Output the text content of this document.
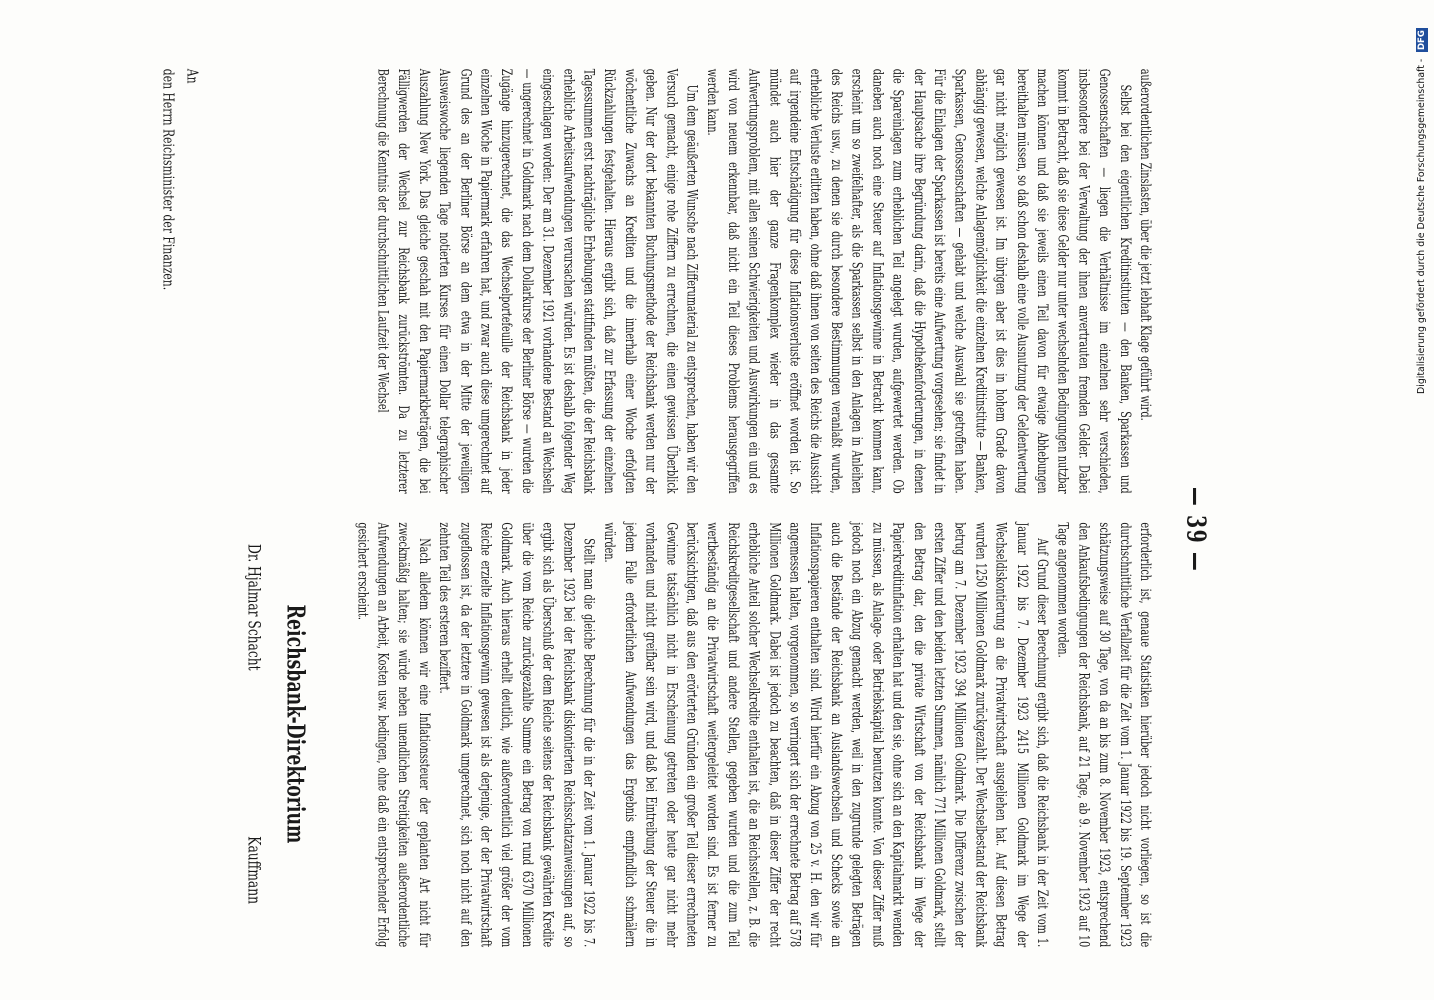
— 39 —

außerordentlichen Zinslasten, über die jetzt lebhaft Klage geführt wird.

Selbst bei den eigentlichen Kreditinstituten — den Banken, Sparkassen und Genossenschaften — liegen die Verhältnisse im einzelnen sehr verschieden, insbesondere bei der Verwaltung der ihnen anvertrauten fremden Gelder. Dabei kommt in Betracht, daß sie diese Gelder nur unter wechselnden Bedingungen nutzbar machen können und daß sie jeweils einen Teil davon für etwaige Abhebungen bereithalten müssen, so daß schon deshalb eine volle Ausnutzung der Geldentwertung gar nicht möglich gewesen ist. Im übrigen aber ist dies in hohem Grade davon abhängig gewesen, welche Anlagemöglichkeit die einzelnen Kreditinstitute — Banken, Sparkassen, Genossenschaften — gehabt und welche Auswahl sie getroffen haben. Für die Einlagen der Sparkassen ist bereits eine Aufwertung vorgesehen; sie findet in der Hauptsache ihre Begründung darin, daß die Hypothekenforderungen, in denen die Spareinlagen zum erheblichen Teil angelegt wurden, aufgewertet werden. Ob daneben auch noch eine Steuer auf Inflationsgewinne in Betracht kommen kann, erscheint um so zweifelhafter, als die Sparkassen selbst in den Anlagen in Anleihen des Reichs usw., zu denen sie durch besondere Bestimmungen veranlaßt wurden, erhebliche Verluste erlitten haben, ohne daß ihnen von seiten des Reichs die Aussicht auf irgendeine Entschädigung für diese Inflationsverluste eröffnet worden ist. So mündet auch hier der ganze Fragenkomplex wieder in das gesamte Aufwertungsproblem, mit allen seinen Schwierigkeiten und Auswirkungen ein und es wird von neuem erkennbar, daß nicht ein Teil dieses Problems herausgegriffen werden kann.

Um dem geäußerten Wunsche nach Zifferumaterial zu entsprechen, haben wir den Versuch gemacht, einige rohe Ziffern zu errechnen, die einen gewissen Überblick geben. Nur der dort bekannten Buchungsmethode der Reichsbank werden nur der wöchentliche Zuwachs an Krediten und die innerhalb einer Woche erfolgten Rückzahlungen festgehalten. Hieraus ergibt sich, daß zur Erfassung der einzelnen Tagessummen erst nachträgliche Erhebungen stattfinden müßten, die der Reichsbank erhebliche Arbeitsaufwendungen verursachen würden. Es ist deshalb folgender Weg eingeschlagen worden: Der am 31. Dezember 1921 vorhandene Bestand an Wechseln — ungerechnet in Goldmark nach dem Dollarkurse der Berliner Börse — wurden die Zugänge hinzugerechnet, die das Wechselportefeuille der Reichsbank in jeder einzelnen Woche in Papiermark erfahren hat, und zwar auch diese umgerechnet auf Grund des an der Berliner Börse an dem etwa in der Mitte der jeweiligen Ausweiswoche liegenden Tage notierten Kurses für einen Dollar telegraphischer Auszahlung New York. Das gleiche geschah mit den Papiermarkbeträgen, die bei Fälligwerden der Wechsel zur Reichsbank zurückströmten. Da zu letzterer Berechnung die Kenntnis der durchschnittlichen Laufzeit der Wechsel

erforderlich ist, genaue Statistiken hierüber jedoch nicht vorliegen, so ist die durchschnittliche Verfallzeit für die Zeit vom 1. Januar 1922 bis 19. September 1923 schätzungsweise auf 30 Tage, von da an bis zum 8. November 1923, entsprechend den Ankaufsbedingungen der Reichsbank, auf 21 Tage, ab 9. November 1923 auf 10 Tage angenommen worden.

Auf Grund dieser Berechnung ergibt sich, daß die Reichsbank in der Zeit vom 1. Januar 1922 bis 7. Dezember 1923 2415 Millionen Goldmark im Wege der Wechseldiskontierung an die Privatwirtschaft ausgeliehen hat. Auf diesen Betrag wurden 1250 Millionen Goldmark zurückgezahlt. Der Wechselbestand der Reichsbank betrug am 7. Dezember 1923 394 Millionen Goldmark. Die Differenz zwischen der ersten Ziffer und den beiden letzten Summen, nämlich 771 Millionen Goldmark, stellt den Betrag dar, den die private Wirtschaft von der Reichsbank im Wege der Papierkreditinflation erhalten hat und den sie, ohne sich an den Kapitalmarkt wenden zu müssen, als Anlage- oder Betriebskapital benutzen konnte. Von dieser Ziffer muß jedoch noch ein Abzug gemacht werden, weil in den zugrunde gelegten Beträgen auch die Bestände der Reichsbank an Auslandswechseln und Schecks sowie an Inflationspapieren enthalten sind. Wird hierfür ein Abzug von 25 v. H. den wir für angemessen halten, vorgenommen, so verringert sich der errechnete Betrag auf 578 Millionen Goldmark. Dabei ist jedoch zu beachten, daß in dieser Ziffer der recht erhebliche Anteil solcher Wechselkredite enthalten ist, die an Reichsstellen, z. B. die Reichskreditgesellschaft und andere Stellen, gegeben wurden und die zum Teil wertbeständig an die Privatwirtschaft weitergeleitet worden sind. Es ist ferner zu berücksichtigen, daß aus den erörterten Gründen ein großer Teil dieser errechneten Gewinne tatsächlich nicht in Erscheinung getreten oder heute gar nicht mehr vorhanden und nicht greifbar sein wird, und daß bei Eintreibung der Steuer die in jedem Falle erforderlichen Aufwendungen das Ergebnis empfindlich schmälern würden.

Stellt man die gleiche Berechnung für die in der Zeit vom 1. Januar 1922 bis 7. Dezember 1923 bei der Reichsbank diskontierten Reichsschatzanweisungen auf, so ergibt sich als Überschuß der dem Reiche seitens der Reichsbank gewährten Kredite über die vom Reiche zurückgezahlte Summe ein Betrag von rund 6370 Millionen Goldmark. Auch hieraus erhellt deutlich, wie außerordentlich viel größer der vom Reiche erzielte Inflationsgewinn gewesen ist als derjenige, der der Privatwirtschaft zugeflossen ist, da der letztere in Goldmark umgerechnet, sich noch nicht auf den zehnten Teil des ersteren beziffert.

Nach alledem können wir eine Inflationssteuer der geplanten Art nicht für zweckmäßig halten; sie würde neben unendlichen Streitigkeiten außerordentliche Aufwendungen an Arbeit, Kosten usw. bedingen, ohne daß ein entsprechender Erfolg gesichert erscheint.

Reichsbank-Direktorium
Dr. Hjalmar Schacht
Kauffmann
An
den Herrn Reichsminister der Finanzen.	Digitalisierung gefördert durch die Deutsche Forschungsgemeinschaft - DFG
